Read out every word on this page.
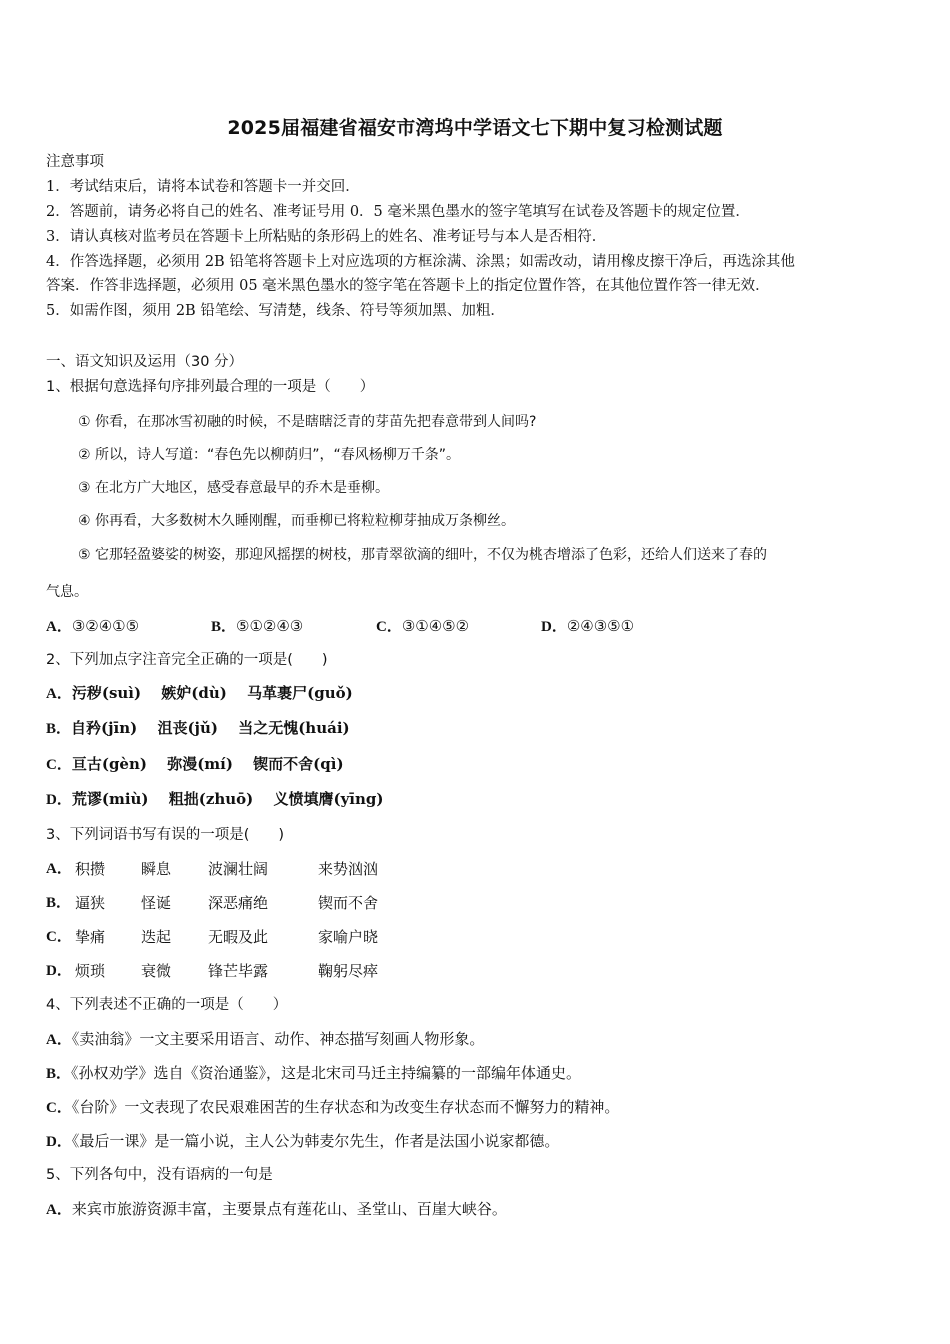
2025届福建省福安市湾坞中学语文七下期中复习检测试题
注意事项
1．考试结束后，请将本试卷和答题卡一并交回．
2．答题前，请务必将自己的姓名、准考证号用 0．5 毫米黑色墨水的签字笔填写在试卷及答题卡的规定位置．
3．请认真核对监考员在答题卡上所粘贴的条形码上的姓名、准考证号与本人是否相符．
4．作答选择题，必须用 2B 铅笔将答题卡上对应选项的方框涂满、涂黑；如需改动，请用橡皮擦干净后，再选涂其他
答案．作答非选择题，必须用 05 毫米黑色墨水的签字笔在答题卡上的指定位置作答，在其他位置作答一律无效．
5．如需作图，须用 2B 铅笔绘、写清楚，线条、符号等须加黑、加粗．
一、语文知识及运用（30 分）
1、根据句意选择句序排列最合理的一项是（　　）
① 你看，在那冰雪初融的时候，不是瞎瞎泛青的芽苗先把春意带到人间吗?
② 所以，诗人写道：“春色先以柳荫归”，“春风杨柳万千条”。
③ 在北方广大地区，感受春意最早的乔木是垂柳。
④ 你再看，大多数树木久睡刚醒，而垂柳已将粒粒柳芽抽成万条柳丝。
⑤ 它那轻盈婆娑的树姿，那迎风摇摆的树枝，那青翠欲滴的细叶，不仅为桃杏增添了色彩，还给人们送来了春的
气息。
A．③②④①⑤	B．⑤①②④③	C．③①④⑤②	D．②④③⑤①
2、下列加点字注音完全正确的一项是(　　)
A．污秽(suì)　 嫉妒(dù)　 马革裹尸(guǒ)
B．自矜(jīn)　 沮丧(jǔ)　 当之无愧(huái)
C．亘古(gèn)　 弥漫(mí)　 锲而不舍(qì)
D．荒谬(miù)　 粗拙(zhuō)　 义愤填膺(yīng)
3、下列词语书写有误的一项是(　　)
A． 积攒 瞬息 波澜壮阔	来势汹汹
B． 逼狭 怪诞 深恶痛绝	锲而不舍
C． 挚痛 迭起 无暇及此	家喻户晓
D． 烦琐 衰微 锋芒毕露	鞠躬尽瘁
4、下列表述不正确的一项是（　　）
A．《卖油翁》一文主要采用语言、动作、神态描写刻画人物形象。
B．《孙权劝学》选自《资治通鉴》，这是北宋司马迁主持编纂的一部编年体通史。
C．《台阶》一文表现了农民艰难困苦的生存状态和为改变生存状态而不懈努力的精神。
D．《最后一课》是一篇小说，主人公为韩麦尔先生，作者是法国小说家都德。
5、下列各句中，没有语病的一句是
A．来宾市旅游资源丰富，主要景点有莲花山、圣堂山、百崖大峡谷。
